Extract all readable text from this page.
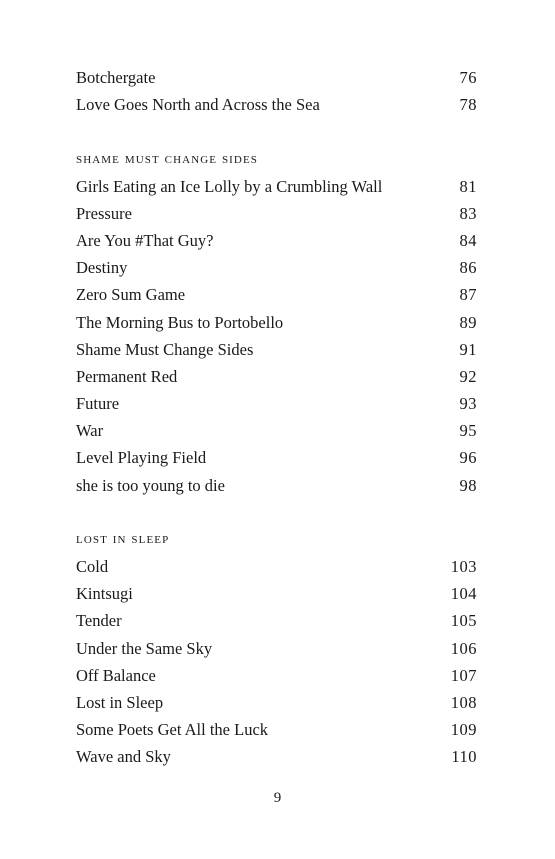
Botchergate	76
Love Goes North and Across the Sea	78
shame must change sides
Girls Eating an Ice Lolly by a Crumbling Wall	81
Pressure	83
Are You #That Guy?	84
Destiny	86
Zero Sum Game	87
The Morning Bus to Portobello	89
Shame Must Change Sides	91
Permanent Red	92
Future	93
War	95
Level Playing Field	96
she is too young to die	98
lost in sleep
Cold	103
Kintsugi	104
Tender	105
Under the Same Sky	106
Off Balance	107
Lost in Sleep	108
Some Poets Get All the Luck	109
Wave and Sky	110
9
